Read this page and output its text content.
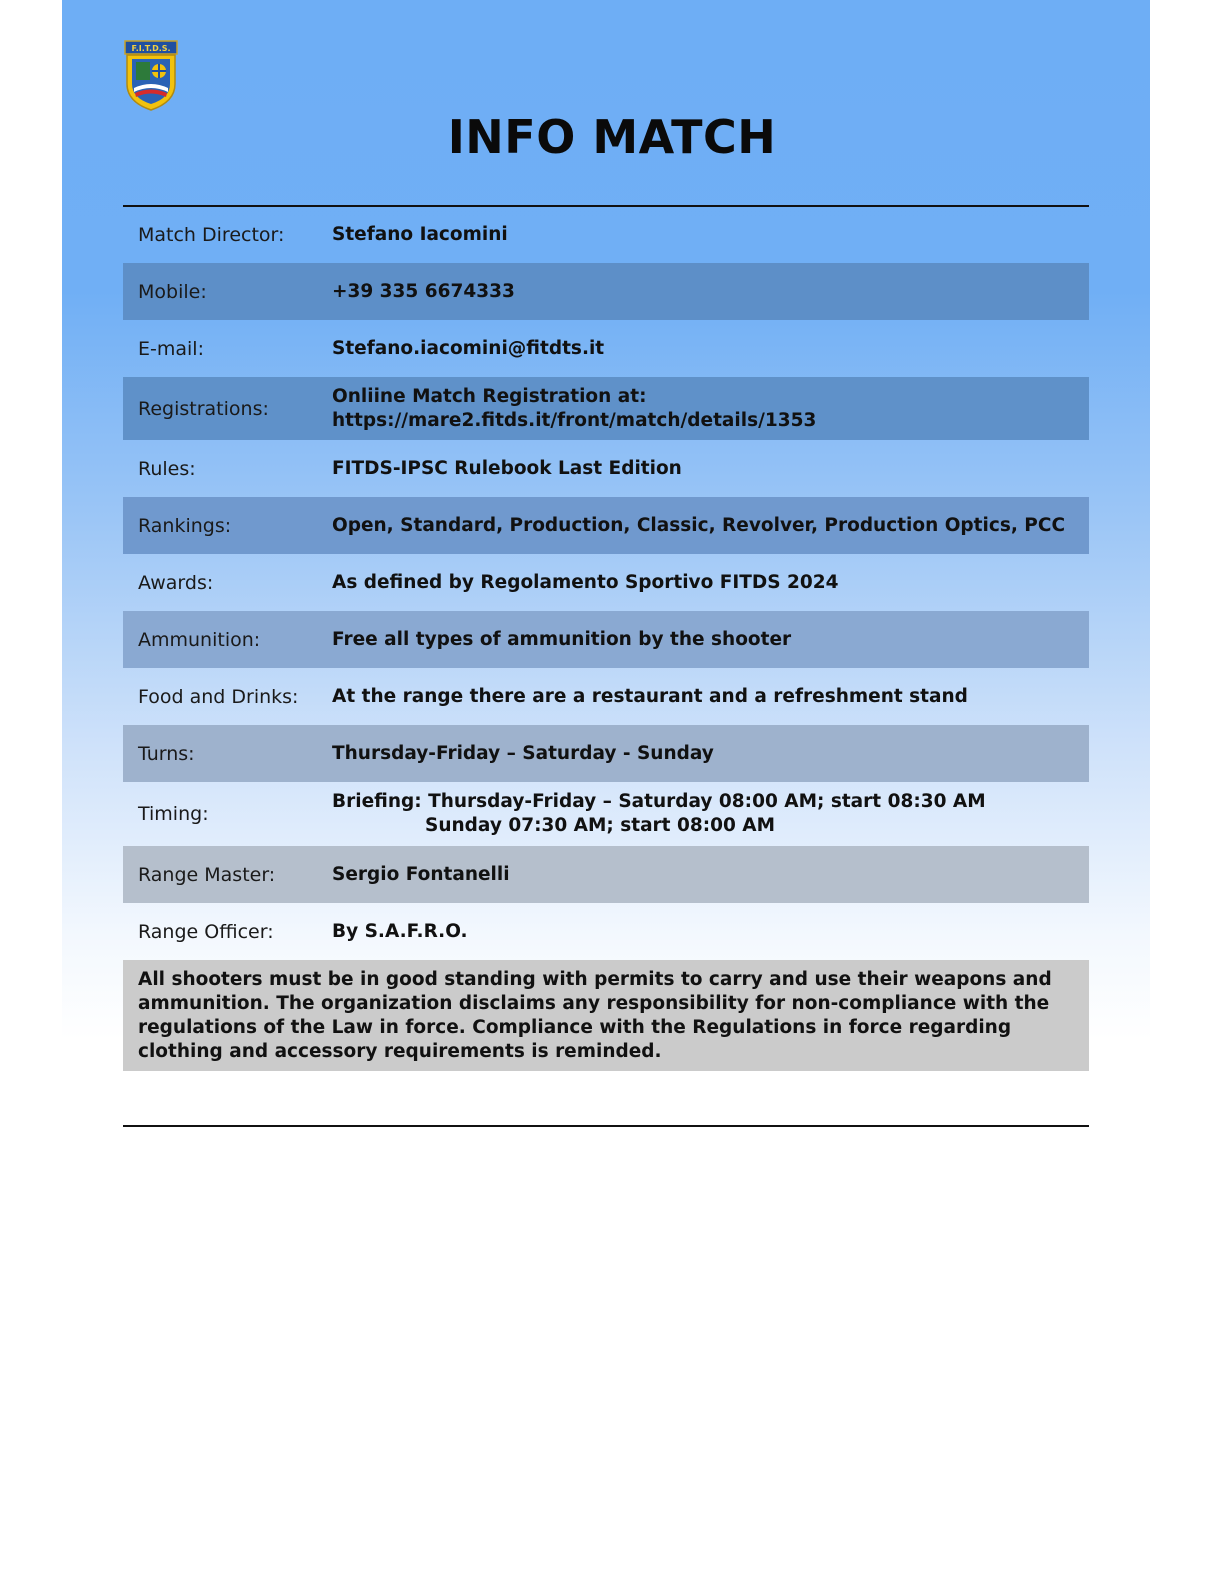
F.I.T.D.S.
INFO MATCH
Match Director:	Stefano Iacomini
Mobile:	+39 335 6674333
E-mail:	Stefano.iacomini@fitdts.it
Registrations:
Onliine Match Registration at:
https://mare2.fitds.it/front/match/details/1353
Rules:	FITDS-IPSC Rulebook Last Edition
Rankings:	Open, Standard, Production, Classic, Revolver, Production Optics, PCC
Awards:	As defined by Regolamento Sportivo FITDS 2024
Ammunition:	Free all types of ammunition by the shooter
Food and Drinks:	At the range there are a restaurant and a refreshment stand
Turns:	Thursday-Friday – Saturday - Sunday
Timing:
Briefing: Thursday-Friday – Saturday 08:00 AM; start 08:30 AM
Sunday 07:30 AM; start 08:00 AM
Range Master:	Sergio Fontanelli
Range Officer:	By S.A.F.R.O.
All shooters must be in good standing with permits to carry and use their weapons and ammunition. The organization disclaims any responsibility for non-compliance with the regulations of the Law in force. Compliance with the Regulations in force regarding clothing and accessory requirements is reminded.
